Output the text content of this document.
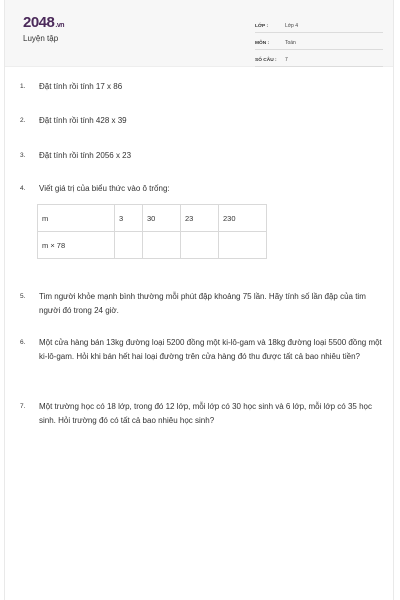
2048.vn
Luyện tập
LỚP :	Lớp 4
MÔN :	Toán
SỐ CÂU :	7
1. Đặt tính rồi tính 17 x 86
2. Đặt tính rồi tính 428 x 39
3. Đặt tính rồi tính 2056 x 23
4. Viết giá trị của biểu thức vào ô trống:
m	3	30	23	230
m × 78				
5. Tim người khỏe mạnh bình thường mỗi phút đập khoảng 75 lần. Hãy tính số lần đập của tim người đó trong 24 giờ.
6. Một cửa hàng bán 13kg đường loại 5200 đồng một ki-lô-gam và 18kg đường loại 5500 đồng một ki-lô-gam. Hỏi khi bán hết hai loại đường trên cửa hàng đó thu được tất cả bao nhiêu tiền?
7. Một trường học có 18 lớp, trong đó 12 lớp, mỗi lớp có 30 học sinh và 6 lớp, mỗi lớp có 35 học sinh. Hỏi trường đó có tất cả bao nhiêu học sinh?
